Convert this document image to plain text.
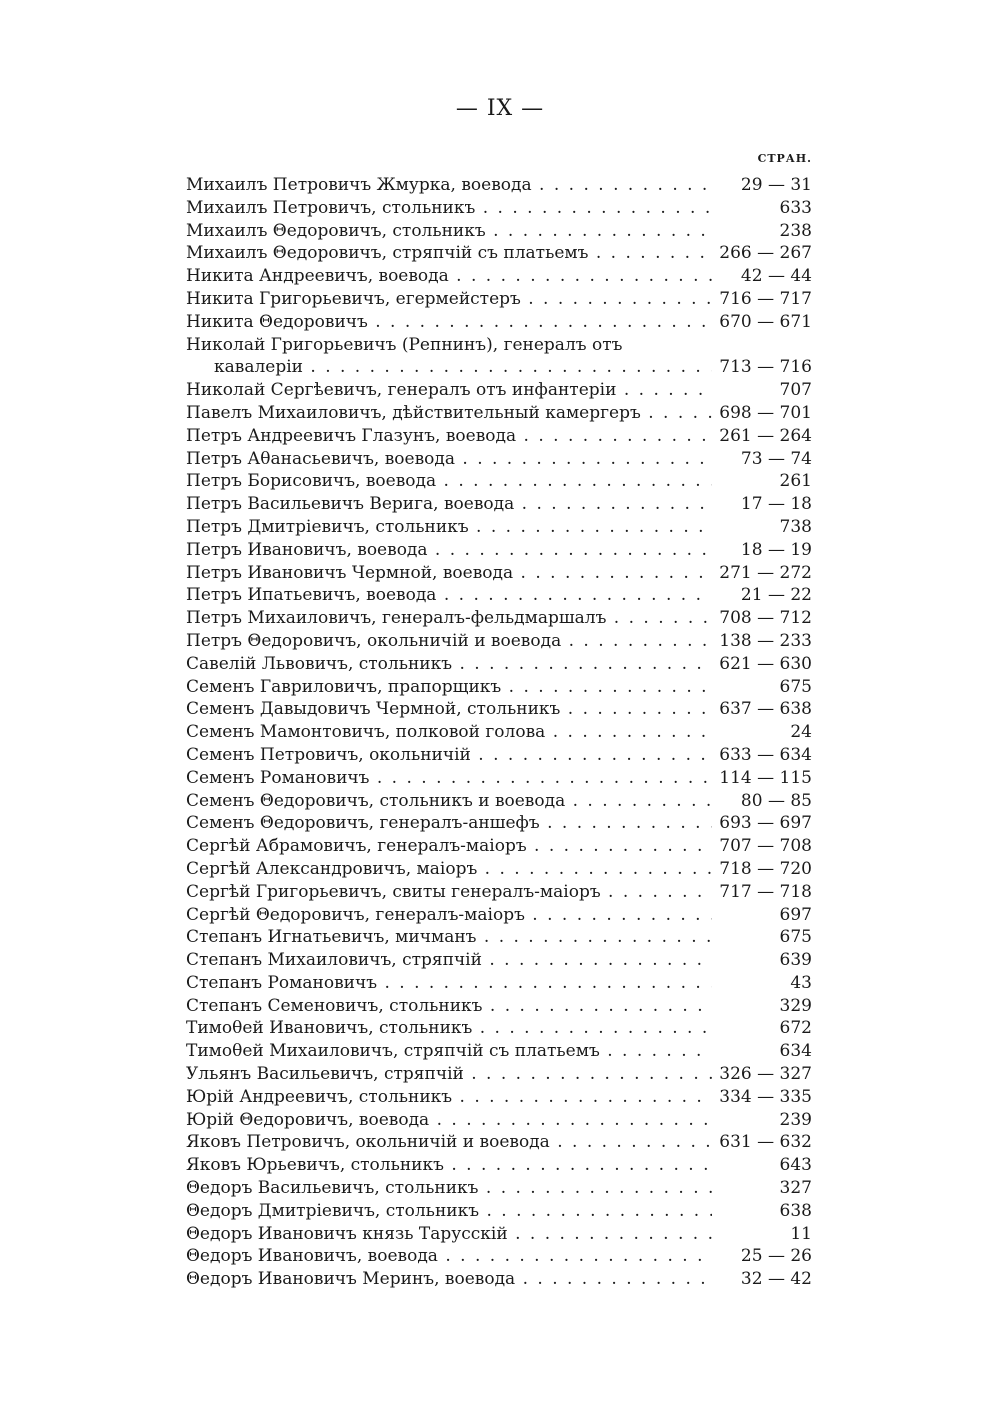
— IX —
СТРАН.
Михаилъ Петровичъ Жмурка, воевода . . .	29 — 31
Михаилъ Петровичъ, стольникъ . . .	633
Михаилъ Θедоровичъ, стольникъ . . .	238
Михаилъ Θедоровичъ, стряпчій съ платьемъ . . .	266 — 267
Никита Андреевичъ, воевода . . .	42 — 44
Никита Григорьевичъ, егермейстеръ . . .	716 — 717
Никита Θедоровичъ . . .	670 — 671
Николай Григорьевичъ (Репнинъ), генералъ отъ
кавалеріи . . .	713 — 716
Николай Сергѣевичъ, генералъ отъ инфантеріи . . .	707
Павелъ Михаиловичъ, дѣйствительный камергеръ . . .	698 — 701
Петръ Андреевичъ Глазунъ, воевода . . .	261 — 264
Петръ Аθанасьевичъ, воевода . . .	73 — 74
Петръ Борисовичъ, воевода . . .	261
Петръ Васильевичъ Верига, воевода . . .	17 — 18
Петръ Дмитріевичъ, стольникъ . . .	738
Петръ Ивановичъ, воевода . . .	18 — 19
Петръ Ивановичъ Чермной, воевода . . .	271 — 272
Петръ Ипатьевичъ, воевода . . .	21 — 22
Петръ Михаиловичъ, генералъ-фельдмаршалъ . . .	708 — 712
Петръ Θедоровичъ, окольничій и воевода . . .	138 — 233
Савелій Львовичъ, стольникъ . . .	621 — 630
Семенъ Гавриловичъ, прапорщикъ . . .	675
Семенъ Давыдовичъ Чермной, стольникъ . . .	637 — 638
Семенъ Мамонтовичъ, полковой голова . . .	24
Семенъ Петровичъ, окольничій . . .	633 — 634
Семенъ Романовичъ . . .	114 — 115
Семенъ Θедоровичъ, стольникъ и воевода . . .	80 — 85
Семенъ Θедоровичъ, генералъ-аншефъ . . .	693 — 697
Сергѣй Абрамовичъ, генералъ-маіоръ . . .	707 — 708
Сергѣй Александровичъ, маіоръ . . .	718 — 720
Сергѣй Григорьевичъ, свиты генералъ-маіоръ . . .	717 — 718
Сергѣй Θедоровичъ, генералъ-маіоръ . . .	697
Степанъ Игнатьевичъ, мичманъ . . .	675
Степанъ Михаиловичъ, стряпчій . . .	639
Степанъ Романовичъ . . .	43
Степанъ Семеновичъ, стольникъ . . .	329
Тимоθей Ивановичъ, стольникъ . . .	672
Тимоθей Михаиловичъ, стряпчій съ платьемъ . . .	634
Ульянъ Васильевичъ, стряпчій . . .	326 — 327
Юрій Андреевичъ, стольникъ . . .	334 — 335
Юрій Θедоровичъ, воевода . . .	239
Яковъ Петровичъ, окольничій и воевода . . .	631 — 632
Яковъ Юрьевичъ, стольникъ . . .	643
Θедоръ Васильевичъ, стольникъ . . .	327
Θедоръ Дмитріевичъ, стольникъ . . .	638
Θедоръ Ивановичъ князь Тарусскій . . .	11
Θедоръ Ивановичъ, воевода . . .	25 — 26
Θедоръ Ивановичъ Меринъ, воевода . . .	32 — 42
